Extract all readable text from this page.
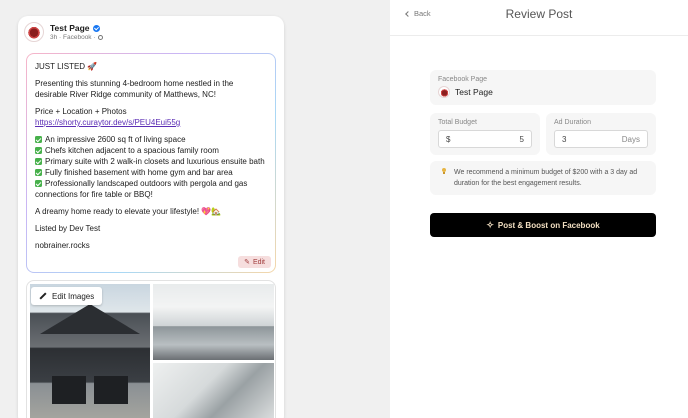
Test Page
3h · Facebook ·

JUST LISTED 🚀

Presenting this stunning 4-bedroom home nestled in the desirable River Ridge community of Matthews, NC!

Price + Location + Photos

https://shorty.curaytor.dev/s/PEU4Eui55g

An impressive 2600 sq ft of living space
Chefs kitchen adjacent to a spacious family room
Primary suite with 2 walk-in closets and luxurious ensuite bath
Fully finished basement with home gym and bar area
Professionally landscaped outdoors with pergola and gas connections for fire table or BBQ!

A dreamy home ready to elevate your lifestyle! 💖🏡

Listed by Dev Test

nobrainer.rocks

✎ Edit
Edit Images
Back	Review Post
Facebook Page
Test Page
Total Budget
$	5
Ad Duration
3	Days
We recommend a minimum budget of $200 with a 3 day ad duration for the best engagement results.
✧ Post & Boost on Facebook
